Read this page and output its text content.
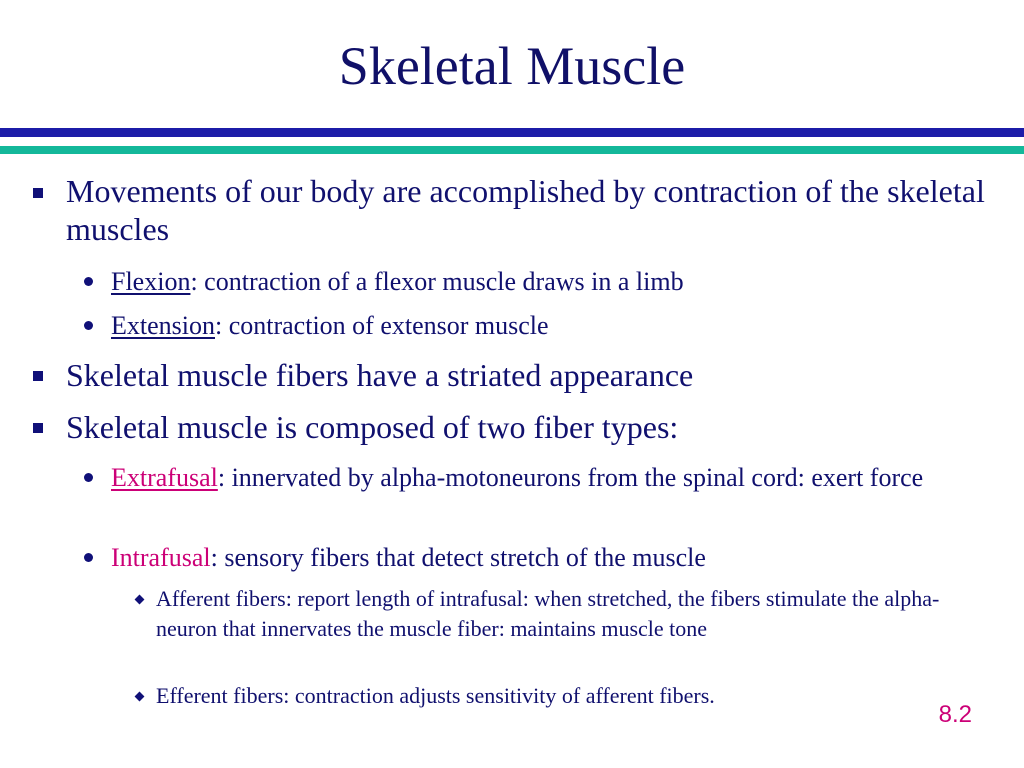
Skeletal Muscle
Movements of our body are accomplished by contraction of the skeletal muscles
Flexion: contraction of a flexor muscle draws in a limb
Extension: contraction of extensor muscle
Skeletal muscle fibers have a striated appearance
Skeletal muscle is composed of two fiber types:
Extrafusal: innervated by alpha-motoneurons from the spinal cord: exert force
Intrafusal: sensory fibers that detect stretch of the muscle
Afferent fibers: report length of intrafusal: when stretched, the fibers stimulate the alpha-neuron that innervates the muscle fiber: maintains muscle tone
Efferent fibers: contraction adjusts sensitivity of afferent fibers.
8.2
